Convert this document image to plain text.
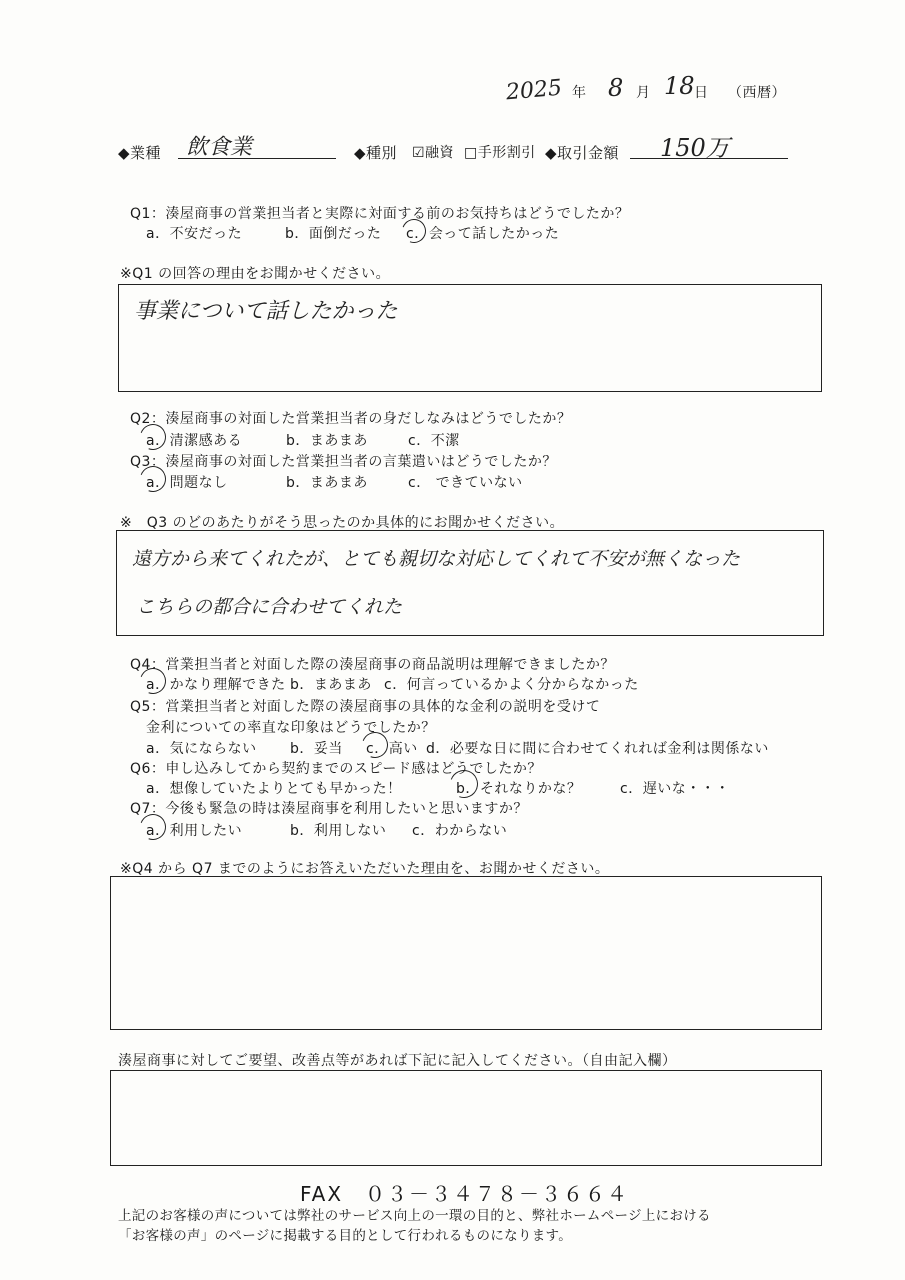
2025 年 8 月 18 日 （西暦）
◆業種 飲食業	◆種別 ☑融資 □手形割引 ◆取引金額 150万
Q1：湊屋商事の営業担当者と実際に対面する前のお気持ちはどうでしたか？
a．不安だった	b．面倒だった c．会って話したかった
※Q1 の回答の理由をお聞かせください。
事業について話したかった
Q2：湊屋商事の対面した営業担当者の身だしなみはどうでしたか？
a．清潔感ある	b．まあまあ	c．不潔
Q3：湊屋商事の対面した営業担当者の言葉遣いはどうでしたか？
a．問題なし	b．まあまあ	c． できていない
※　Q3 のどのあたりがそう思ったのか具体的にお聞かせください。
遠方から来てくれたが、とても親切な対応してくれて不安が無くなった
こちらの都合に合わせてくれた
Q4：営業担当者と対面した際の湊屋商事の商品説明は理解できましたか？
a．かなり理解できた b．まあまあ c．何言っているかよく分からなかった
Q5：営業担当者と対面した際の湊屋商事の具体的な金利の説明を受けて
金利についての率直な印象はどうでしたか？
a．気にならない b．妥当 c．高い d．必要な日に間に合わせてくれれば金利は関係ない
Q6：申し込みしてから契約までのスピード感はどうでしたか？
a．想像していたよりとても早かった！	b．それなりかな？	c．遅いな・・・
Q7：今後も緊急の時は湊屋商事を利用したいと思いますか？
a．利用したい	b．利用しない c．わからない
※Q4 から Q7 までのようにお答えいただいた理由を、お聞かせください。
湊屋商事に対してご要望、改善点等があれば下記に記入してください。（自由記入欄）
FAX　０３－３４７８－３６６４
上記のお客様の声については弊社のサービス向上の一環の目的と、弊社ホームページ上における
「お客様の声」のページに掲載する目的として行われるものになります。
